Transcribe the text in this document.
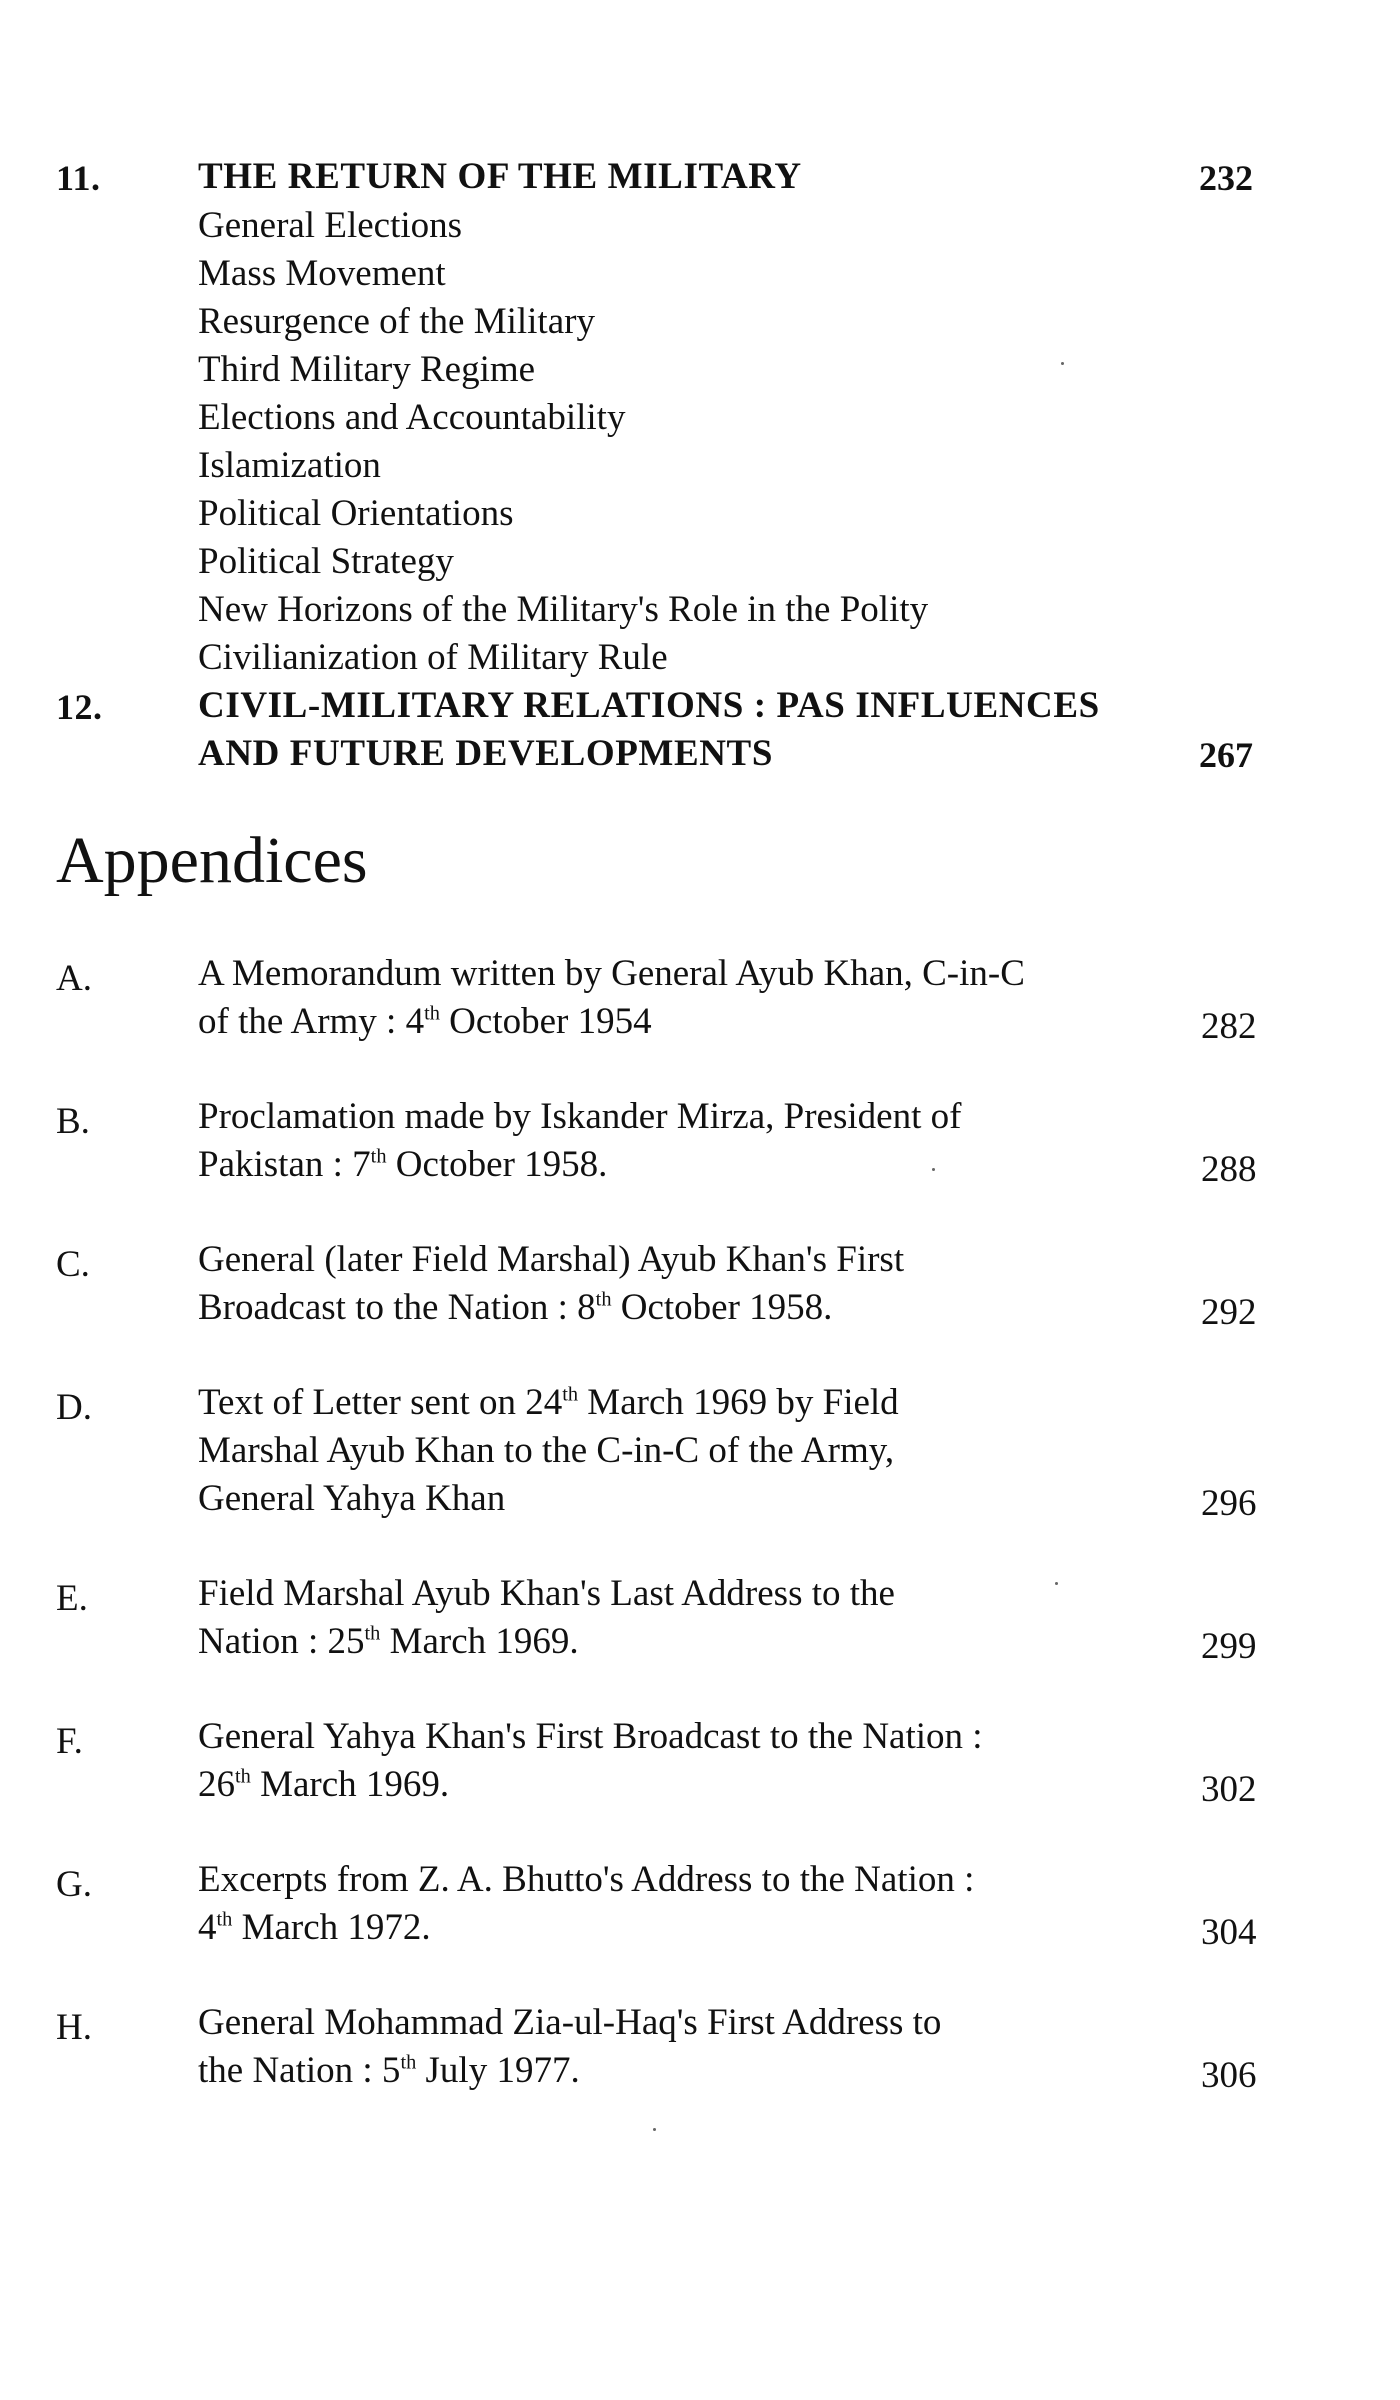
11.	THE RETURN OF THE MILITARY	232
General Elections
Mass Movement
Resurgence of the Military
Third Military Regime
Elections and Accountability
Islamization
Political Orientations
Political Strategy
New Horizons of the Military's Role in the Polity
Civilianization of Military Rule
12.	CIVIL-MILITARY RELATIONS : PAS INFLUENCES
AND FUTURE DEVELOPMENTS	267
Appendices
A.	A Memorandum written by General Ayub Khan, C-in-C
of the Army : 4th October 1954	282
B.	Proclamation made by Iskander Mirza, President of
Pakistan : 7th October 1958.	288
C.	General (later Field Marshal) Ayub Khan's First
Broadcast to the Nation : 8th October 1958.	292
D.	Text of Letter sent on 24th March 1969 by Field
Marshal Ayub Khan to the C-in-C of the Army,
General Yahya Khan	296
E.	Field Marshal Ayub Khan's Last Address to the
Nation : 25th March 1969.	299
F.	General Yahya Khan's First Broadcast to the Nation :
26th March 1969.	302
G.	Excerpts from Z. A. Bhutto's Address to the Nation :
4th March 1972.	304
H.	General Mohammad Zia-ul-Haq's First Address to
the Nation : 5th July 1977.	306
